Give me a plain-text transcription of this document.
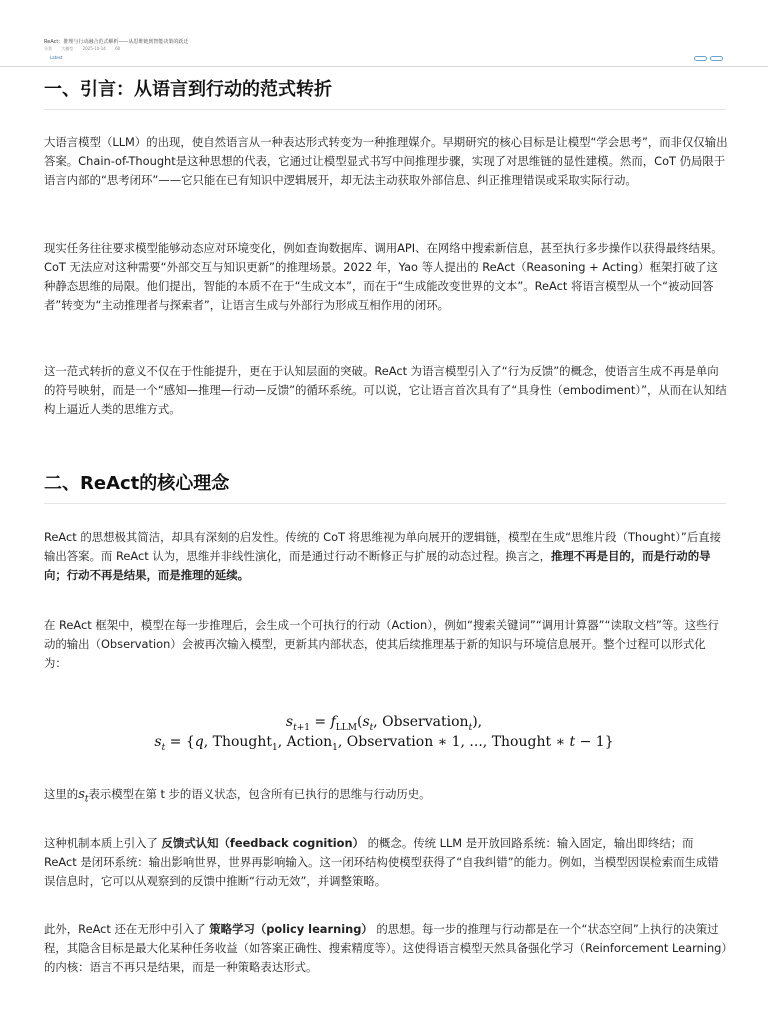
ReAct：推理与行动融合范式解析——从思维链到智能决策的跃迁
分类 大模型 2025-10-14 60
Latest
一、引言：从语言到行动的范式转折

大语言模型（LLM）的出现，使自然语言从一种表达形式转变为一种推理媒介。早期研究的核心目标是让模型“学会思考”，而非仅仅输出答案。Chain-of-Thought是这种思想的代表，它通过让模型显式书写中间推理步骤，实现了对思维链的显性建模。然而，CoT 仍局限于语言内部的“思考闭环”——它只能在已有知识中逻辑展开，却无法主动获取外部信息、纠正推理错误或采取实际行动。

现实任务往往要求模型能够动态应对环境变化，例如查询数据库、调用API、在网络中搜索新信息，甚至执行多步操作以获得最终结果。CoT 无法应对这种需要“外部交互与知识更新”的推理场景。2022 年，Yao 等人提出的 ReAct（Reasoning + Acting）框架打破了这种静态思维的局限。他们提出，智能的本质不在于“生成文本”，而在于“生成能改变世界的文本”。ReAct 将语言模型从一个“被动回答者”转变为“主动推理者与探索者”，让语言生成与外部行为形成互相作用的闭环。

这一范式转折的意义不仅在于性能提升，更在于认知层面的突破。ReAct 为语言模型引入了“行为反馈”的概念，使语言生成不再是单向的符号映射，而是一个“感知—推理—行动—反馈”的循环系统。可以说，它让语言首次具有了“具身性（embodiment）”，从而在认知结构上逼近人类的思维方式。

二、ReAct的核心理念

ReAct 的思想极其简洁，却具有深刻的启发性。传统的 CoT 将思维视为单向展开的逻辑链，模型在生成“思维片段（Thought）”后直接输出答案。而 ReAct 认为，思维并非线性演化，而是通过行动不断修正与扩展的动态过程。换言之，推理不再是目的，而是行动的导向；行动不再是结果，而是推理的延续。

在 ReAct 框架中，模型在每一步推理后，会生成一个可执行的行动（Action），例如“搜索关键词”“调用计算器”“读取文档”等。这些行动的输出（Observation）会被再次输入模型，更新其内部状态，使其后续推理基于新的知识与环境信息展开。整个过程可以形式化为：

$s_{t+1} = f_{LLM}(s_t$, Observation$_t$),
$s_t = \{q$, Thought$_1$, Action$_1$, Observation ∗ 1, ..., Thought ∗ t − 1}

这里的$s_t$表示模型在第 t 步的语义状态，包含所有已执行的思维与行动历史。

这种机制本质上引入了 反馈式认知（feedback cognition） 的概念。传统 LLM 是开放回路系统：输入固定，输出即终结；而 ReAct 是闭环系统：输出影响世界，世界再影响输入。这一闭环结构使模型获得了“自我纠错”的能力。例如，当模型因误检索而生成错误信息时，它可以从观察到的反馈中推断“行动无效”，并调整策略。

此外，ReAct 还在无形中引入了 策略学习（policy learning） 的思想。每一步的推理与行动都是在一个“状态空间”上执行的决策过程，其隐含目标是最大化某种任务收益（如答案正确性、搜索精度等）。这使得语言模型天然具备强化学习（Reinforcement Learning）的内核：语言不再只是结果，而是一种策略表达形式。
